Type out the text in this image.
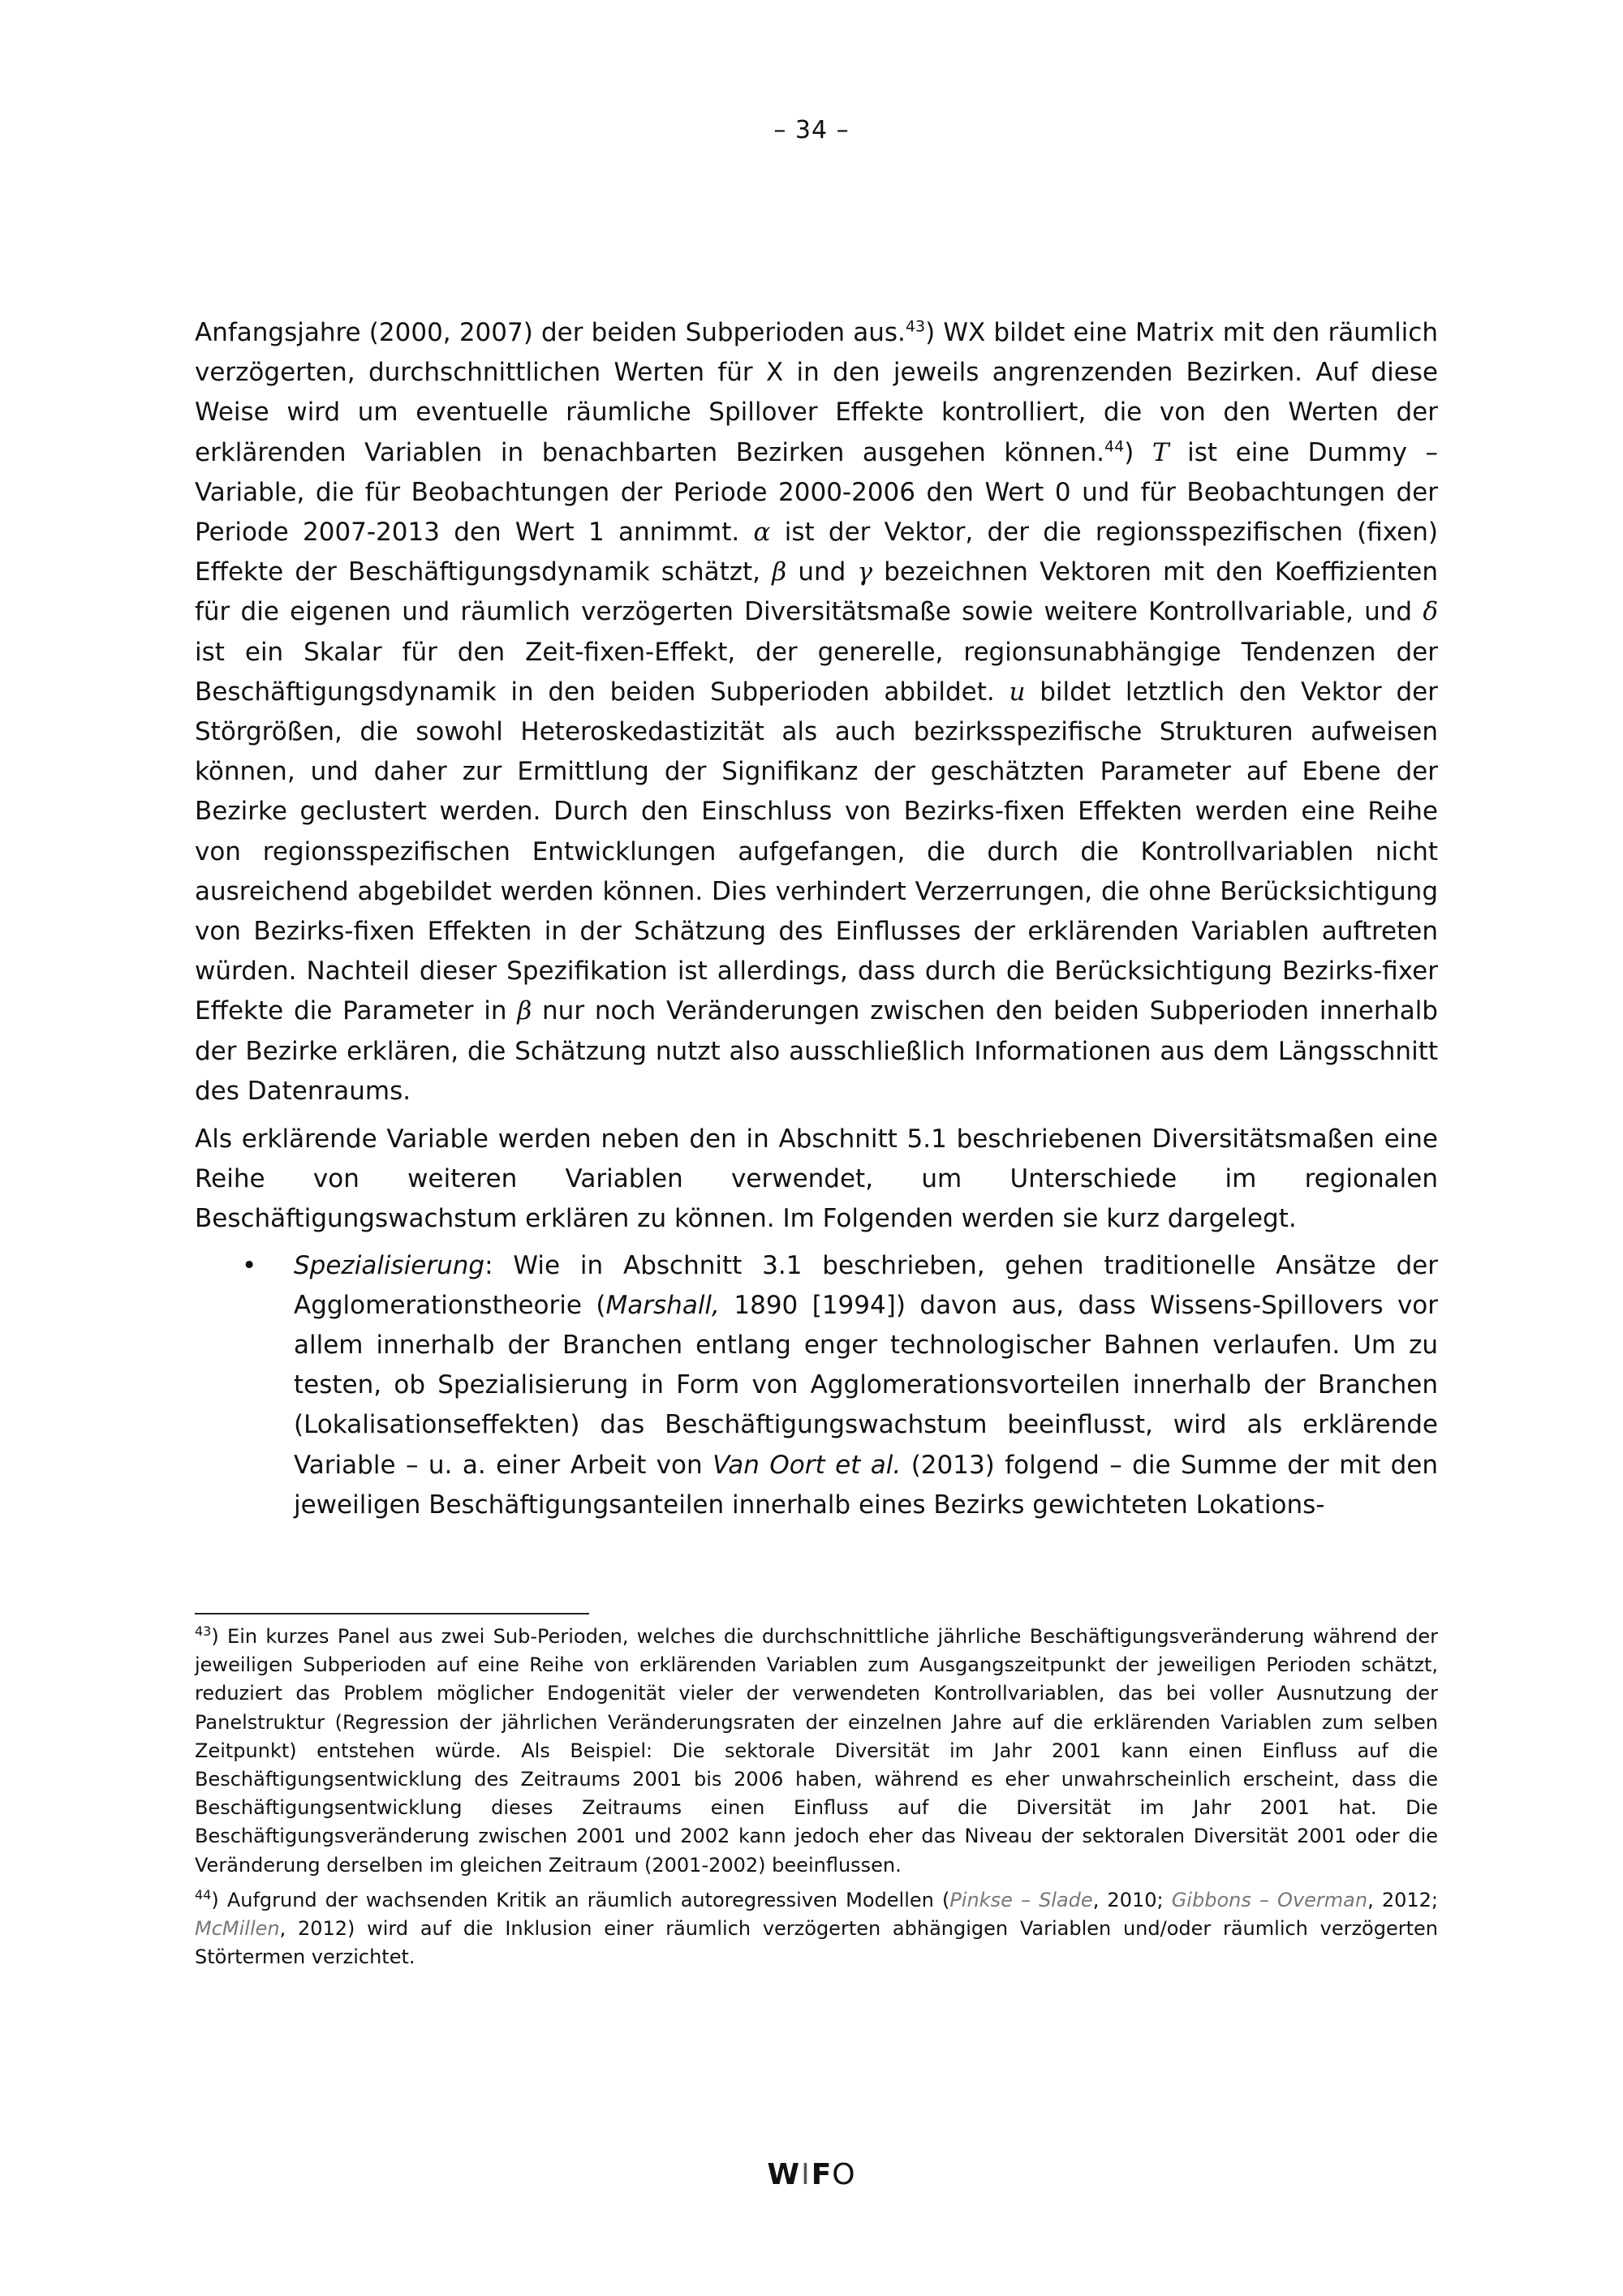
– 34 –

Anfangsjahre (2000, 2007) der beiden Subperioden aus.$^{43}$) WX bildet eine Matrix mit den räumlich verzögerten, durchschnittlichen Werten für X in den jeweils angrenzenden Bezirken. Auf diese Weise wird um eventuelle räumliche Spillover Effekte kontrolliert, die von den Werten der erklärenden Variablen in benachbarten Bezirken ausgehen können.$^{44}$) T ist eine Dummy – Variable, die für Beobachtungen der Periode 2000-2006 den Wert 0 und für Beobachtungen der Periode 2007-2013 den Wert 1 annimmt. α ist der Vektor, der die regionsspezifischen (fixen) Effekte der Beschäftigungsdynamik schätzt, β und γ bezeichnen Vektoren mit den Koeffizienten für die eigenen und räumlich verzögerten Diversitätsmaße sowie weitere Kontrollvariable, und δ ist ein Skalar für den Zeit-fixen-Effekt, der generelle, regionsunabhängige Tendenzen der Beschäftigungsdynamik in den beiden Subperioden abbildet. u bildet letztlich den Vektor der Störgrößen, die sowohl Heteroskedastizität als auch bezirksspezifische Strukturen aufweisen können, und daher zur Ermittlung der Signifikanz der geschätzten Parameter auf Ebene der Bezirke geclustert werden. Durch den Einschluss von Bezirks-fixen Effekten werden eine Reihe von regionsspezifischen Entwicklungen aufgefangen, die durch die Kontrollvariablen nicht ausreichend abgebildet werden können. Dies verhindert Verzerrungen, die ohne Berücksichtigung von Bezirks-fixen Effekten in der Schätzung des Einflusses der erklärenden Variablen auftreten würden. Nachteil dieser Spezifikation ist allerdings, dass durch die Berücksichtigung Bezirks-fixer Effekte die Parameter in β nur noch Veränderungen zwischen den beiden Subperioden innerhalb der Bezirke erklären, die Schätzung nutzt also ausschließlich Informationen aus dem Längsschnitt des Datenraums.

Als erklärende Variable werden neben den in Abschnitt 5.1 beschriebenen Diversitätsmaßen eine Reihe von weiteren Variablen verwendet, um Unterschiede im regionalen Beschäftigungswachstum erklären zu können. Im Folgenden werden sie kurz dargelegt.

• Spezialisierung: Wie in Abschnitt 3.1 beschrieben, gehen traditionelle Ansätze der Agglomerationstheorie (Marshall, 1890 [1994]) davon aus, dass Wissens-Spillovers vor allem innerhalb der Branchen entlang enger technologischer Bahnen verlaufen. Um zu testen, ob Spezialisierung in Form von Agglomerationsvorteilen innerhalb der Branchen (Lokalisationseffekten) das Beschäftigungswachstum beeinflusst, wird als erklärende Variable – u. a. einer Arbeit von Van Oort et al. (2013) folgend – die Summe der mit den jeweiligen Beschäftigungsanteilen innerhalb eines Bezirks gewichteten Lokations-

$^{43}$) Ein kurzes Panel aus zwei Sub-Perioden, welches die durchschnittliche jährliche Beschäftigungsveränderung während der jeweiligen Subperioden auf eine Reihe von erklärenden Variablen zum Ausgangszeitpunkt der jeweiligen Perioden schätzt, reduziert das Problem möglicher Endogenität vieler der verwendeten Kontrollvariablen, das bei voller Ausnutzung der Panelstruktur (Regression der jährlichen Veränderungsraten der einzelnen Jahre auf die erklärenden Variablen zum selben Zeitpunkt) entstehen würde. Als Beispiel: Die sektorale Diversität im Jahr 2001 kann einen Einfluss auf die Beschäftigungsentwicklung des Zeitraums 2001 bis 2006 haben, während es eher unwahrscheinlich erscheint, dass die Beschäftigungsentwicklung dieses Zeitraums einen Einfluss auf die Diversität im Jahr 2001 hat. Die Beschäftigungsveränderung zwischen 2001 und 2002 kann jedoch eher das Niveau der sektoralen Diversität 2001 oder die Veränderung derselben im gleichen Zeitraum (2001-2002) beeinflussen.

$^{44}$) Aufgrund der wachsenden Kritik an räumlich autoregressiven Modellen (Pinkse – Slade, 2010; Gibbons – Overman, 2012; McMillen, 2012) wird auf die Inklusion einer räumlich verzögerten abhängigen Variablen und/oder räumlich verzögerten Störtermen verzichtet.

WIFO
